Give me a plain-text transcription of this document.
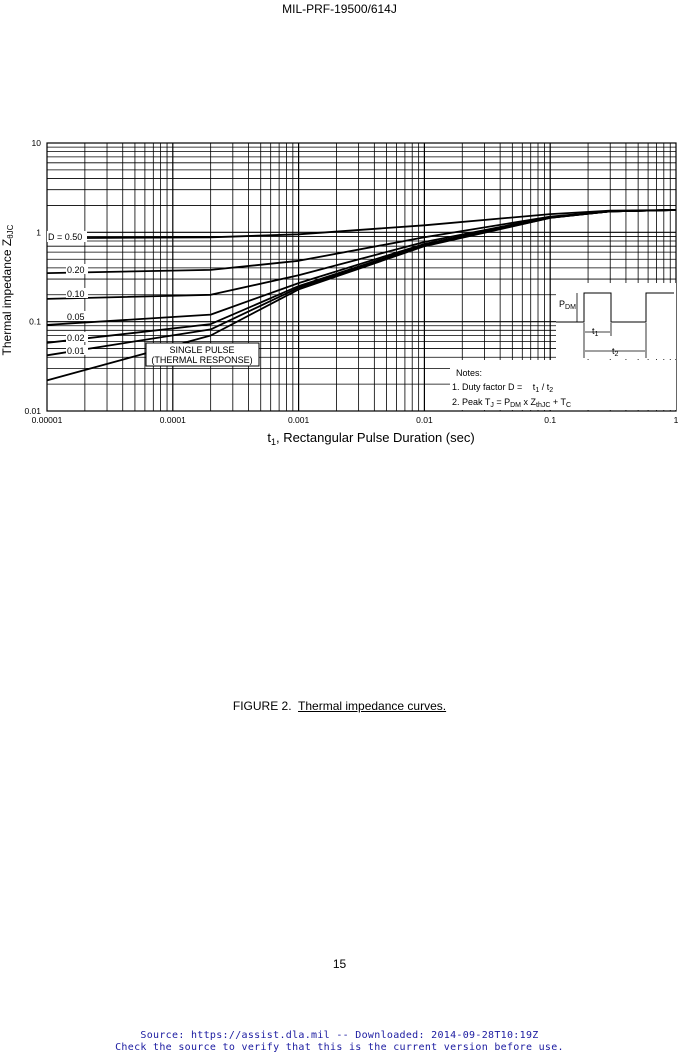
MIL-PRF-19500/614J
0.00001	0.0001	0.001	0.01	0.1	1
0.01
0.1
1
10
D = 0.50
0.20
0.10
0.05
0.02
0.01	SINGLE PULSE
(THERMAL RESPONSE)
Notes:
1. Duty factor $D = t_1 / t_2$
2. Peak $T_J = P_{DM}$ x $Z_{thJC} + T_C$
$P_{DM}$
$t_1$
$t_2$
$t_1$, Rectangular Pulse Duration (sec)
Thermal impedance ZθJC
FIGURE 2. Thermal impedance curves.
15
Source: https://assist.dla.mil -- Downloaded: 2014-09-28T10:19Z
Check the source to verify that this is the current version before use.
